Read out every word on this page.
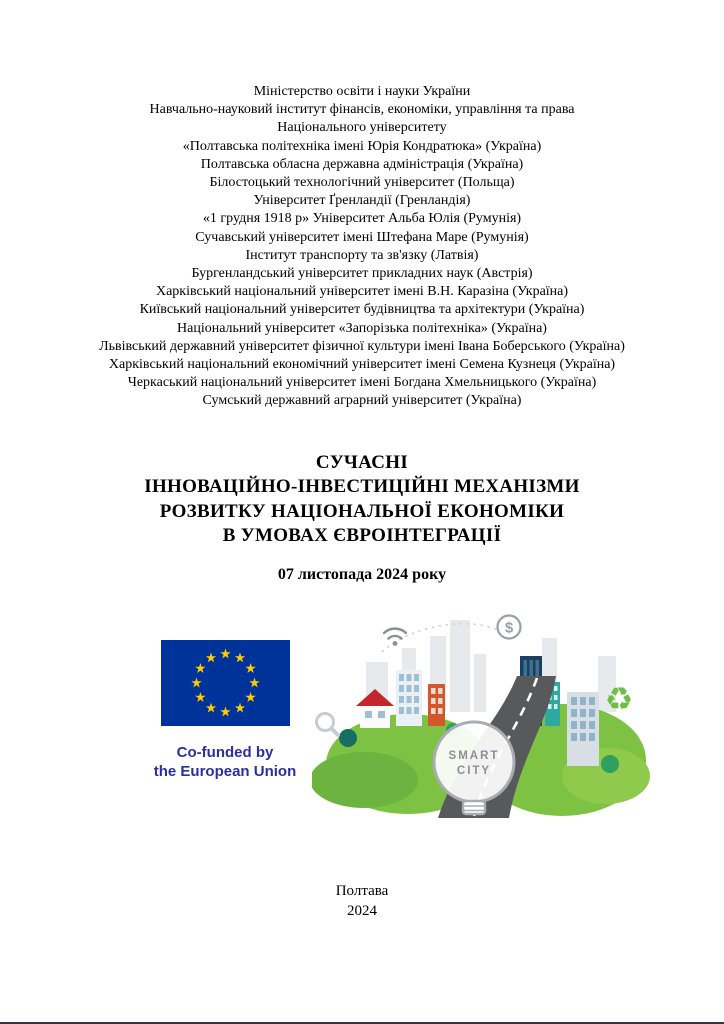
Міністерство освіти і науки України
Навчально-науковий інститут фінансів, економіки, управління та права
Національного університету
«Полтавська політехніка імені Юрія Кондратюка» (Україна)
Полтавська обласна державна адміністрація (Україна)
Білостоцький технологічний університет (Польща)
Університет Ґренландії (Гренландія)
«1 грудня 1918 р» Університет Альба Юлія (Румунія)
Сучавський університет імені Штефана Маре (Румунія)
Інститут транспорту та зв'язку (Латвія)
Бургенландський університет прикладних наук (Австрія)
Харківський національний університет імені В.Н. Каразіна (Україна)
Київський національний університет будівництва та архітектури (Україна)
Національний університет «Запорізька політехніка» (Україна)
Львівський державний університет фізичної культури імені Івана Боберського (Україна)
Харківський національний економічний університет імені Семена Кузнеця (Україна)
Черкаський національний університет імені Богдана Хмельницького (Україна)
Сумський державний аграрний університет (Україна)
СУЧАСНІ
ІННОВАЦІЙНО-ІНВЕСТИЦІЙНІ МЕХАНІЗМИ
РОЗВИТКУ НАЦІОНАЛЬНОЇ ЕКОНОМІКИ
В УМОВАХ ЄВРОІНТЕГРАЦІЇ
07 листопада 2024 року
Co-funded by
the European Union
$
SMART
CITY
♻
Полтава
2024
